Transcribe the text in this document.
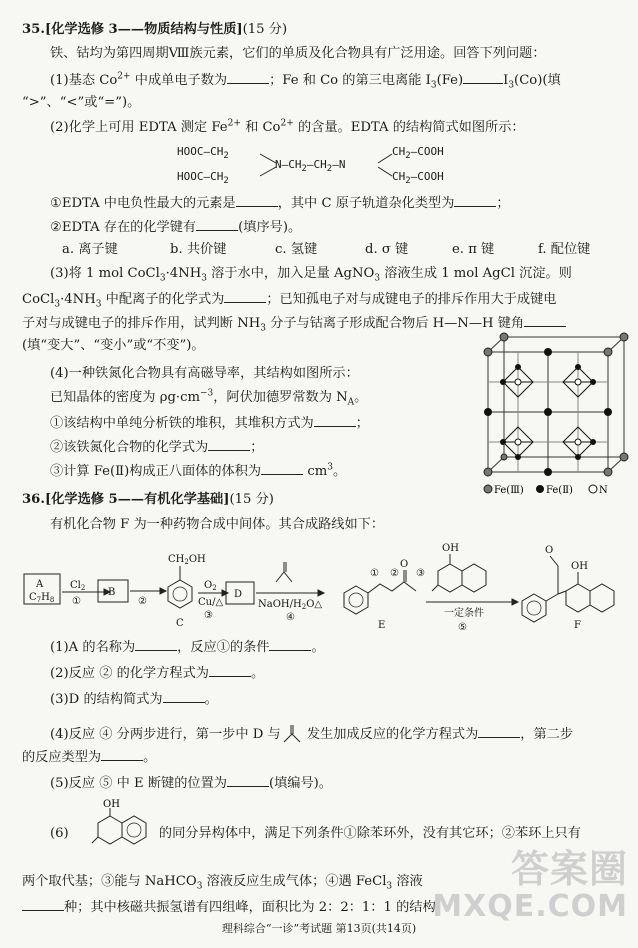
35.[化学选修 3——物质结构与性质](15 分)
铁、钴均为第四周期Ⅷ族元素，它们的单质及化合物具有广泛用途。回答下列问题：
(1)基态 $Co^{2+}$ 中成单电子数为	；Fe 和 Co 的第三电离能 $I_3(Fe)$	$I_3(Co)$(填
“>”、“<”或“=”)。
(2)化学上可用 EDTA 测定 $Fe^{2+}$ 和 $Co^{2+}$ 的含量。EDTA 的结构简式如图所示：
$HOOC—CH_2$
$HOOC—CH_2$
$N—CH_2—CH_2—N$
$CH_2—COOH$
$CH_2—COOH$
①EDTA 中电负性最大的元素是	，其中 C 原子轨道杂化类型为	；
②EDTA 存在的化学键有	(填序号)。
a. 离子键	b. 共价键	c. 氢键	d. σ 键	e. π 键	f. 配位键
(3)将 1 mol $CoCl_3\cdot 4NH_3$ 溶于水中，加入足量 AgNO$_3$ 溶液生成 1 mol AgCl 沉淀。则
$CoCl_3\cdot 4NH_3$ 中配离子的化学式为	；已知孤电子对与成键电子的排斥作用大于成键电
子对与成键电子的排斥作用，试判断 $NH_3$ 分子与钴离子形成配合物后 H—N—H 键角
(填“变大”、“变小”或“不变”)。
(4)一种铁氮化合物具有高磁导率，其结构如图所示：
已知晶体的密度为 $\rho g\cdot cm^{-3}$，阿伏加德罗常数为 $N_A$。
①该结构中单纯分析铁的堆积，其堆积方式为	；
②该铁氮化合物的化学式为	；
③计算 Fe(Ⅱ)构成正八面体的体积为	$cm^3$。
Fe(Ⅲ) Fe(Ⅱ)	N
36.[化学选修 5——有机化学基础](15 分)
有机化合物 F 为一种药物合成中间体。其合成路线如下：
A
$C_7H_8$
$Cl_2$
①
B
②
$CH_2OH$
C
$O_2$
Cu/△
③
D
NaOH/$H_2O\triangle$
④
E
① ② ③
O
OH
一定条件
⑤
O
OH
F
(1)A 的名称为	，反应①的条件	。
(2)反应 ② 的化学方程式为	。
(3)D 的结构简式为	。
(4)反应 ④ 分两步进行，第一步中 D 与 发生加成反应的化学方程式为	，第二步
的反应类型为	。
(5)反应 ⑤ 中 E 断键的位置为	(填编号)。
OH
(6)	的同分异构体中，满足下列条件①除苯环外，没有其它环；②苯环上只有
两个取代基；③能与 NaHCO$_3$ 溶液反应生成气体；④遇 FeCl$_3$ 溶液
种；其中核磁共振氢谱有四组峰，面积比为 2：2：1：1 的结构
理科综合“一诊”考试题 第13页(共14页)
答案圈
MXQE.COM
